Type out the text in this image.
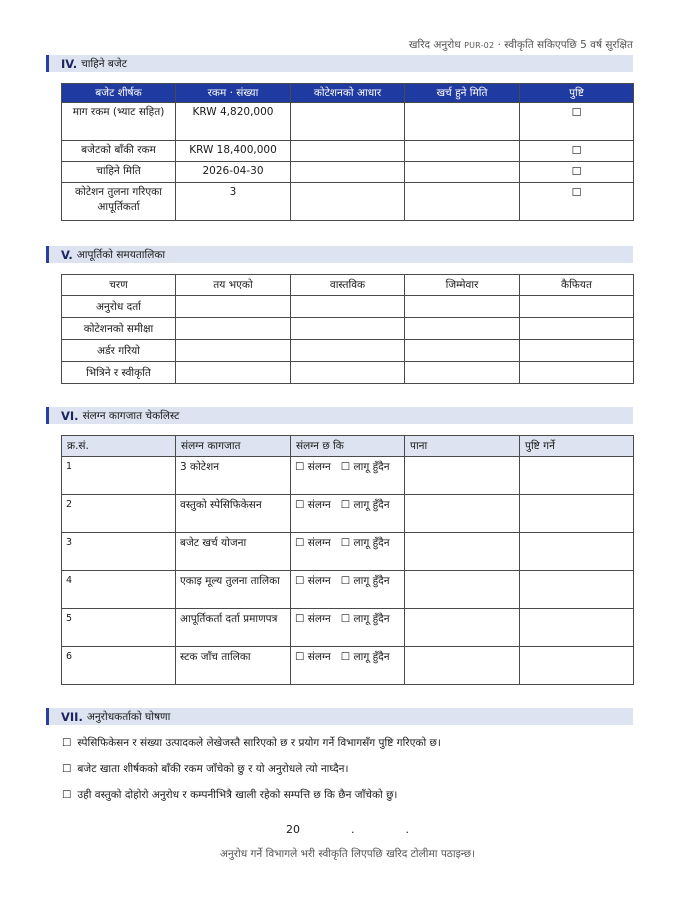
खरिद अनुरोध PUR-02 · स्वीकृति सकिएपछि 5 वर्ष सुरक्षित
IV. चाहिने बजेट
बजेट शीर्षक	रकम · संख्या	कोटेशनको आधार	खर्च हुने मिति	पुष्टि
माग रकम (भ्याट सहित)	KRW 4,820,000			☐
बजेटको बाँकी रकम	KRW 18,400,000			☐
चाहिने मिति	2026-04-30			☐
कोटेशन तुलना गरिएका आपूर्तिकर्ता	3			☐
V. आपूर्तिको समयतालिका
चरण	तय भएको	वास्तविक	जिम्मेवार	कैफियत
अनुरोध दर्ता				
कोटेशनको समीक्षा				
अर्डर गरियो				
भित्रिने र स्वीकृति				
VI. संलग्न कागजात चेकलिस्ट
क्र.सं.	संलग्न कागजात	संलग्न छ कि	पाना	पुष्टि गर्ने
1	3 कोटेशन	☐ संलग्न ☐ लागू हुँदैन		
2	वस्तुको स्पेसिफिकेसन	☐ संलग्न ☐ लागू हुँदैन		
3	बजेट खर्च योजना	☐ संलग्न ☐ लागू हुँदैन		
4	एकाइ मूल्य तुलना तालिका	☐ संलग्न ☐ लागू हुँदैन		
5	आपूर्तिकर्ता दर्ता प्रमाणपत्र	☐ संलग्न ☐ लागू हुँदैन		
6	स्टक जाँच तालिका	☐ संलग्न ☐ लागू हुँदैन		
VII. अनुरोधकर्ताको घोषणा
☐ स्पेसिफिकेसन र संख्या उत्पादकले लेखेजस्तै सारिएको छ र प्रयोग गर्ने विभागसँग पुष्टि गरिएको छ।
☐ बजेट खाता शीर्षकको बाँकी रकम जाँचेको छु र यो अनुरोधले त्यो नाघ्दैन।
☐ उही वस्तुको दोहोरो अनुरोध र कम्पनीभित्रै खाली रहेको सम्पत्ति छ कि छैन जाँचेको छु।
20	.	.
अनुरोध गर्ने विभागले भरी स्वीकृति लिएपछि खरिद टोलीमा पठाइन्छ।
